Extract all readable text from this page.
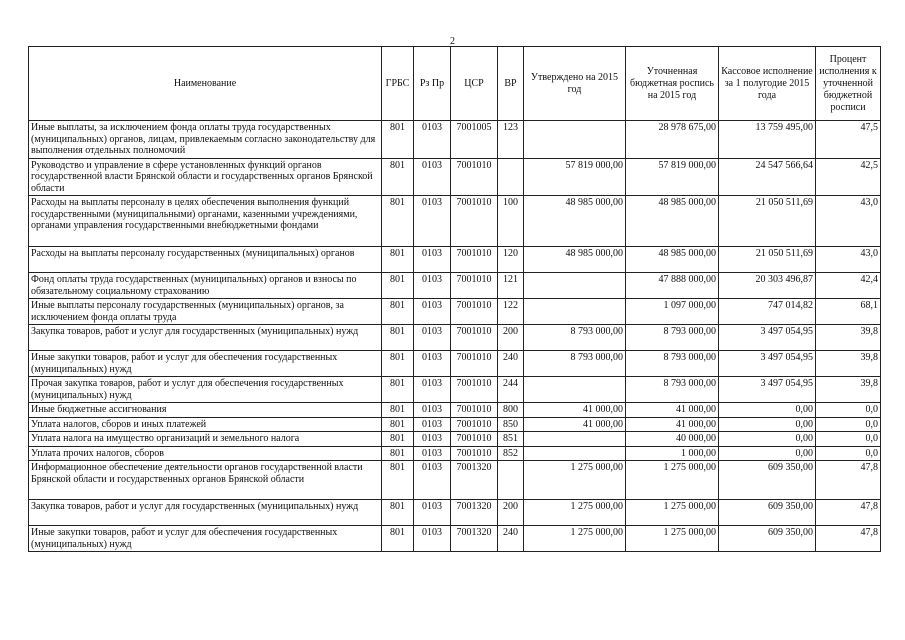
2
Наименование	ГРБС	Рз Пр	ЦСР	ВР	Утверждено на 2015 год	Уточненная бюджетная роспись на 2015 год	Кассовое исполнение за 1 полугодие 2015 года	Процент исполнения к уточненной бюджетной росписи
Иные выплаты, за исключением фонда оплаты труда государственных (муниципальных) органов, лицам, привлекаемым согласно законодательству для выполнения отдельных полномочий	801	0103	7001005	123		28 978 675,00	13 759 495,00	47,5
Руководство и управление в сфере установленных функций органов государственной власти Брянской области и государственных органов Брянской области	801	0103	7001010		57 819 000,00	57 819 000,00	24 547 566,64	42,5
Расходы на выплаты персоналу в целях обеспечения выполнения функций государственными (муниципальными) органами, казенными учреждениями, органами управления государственными внебюджетными фондами	801	0103	7001010	100	48 985 000,00	48 985 000,00	21 050 511,69	43,0
Расходы на выплаты персоналу государственных (муниципальных) органов	801	0103	7001010	120	48 985 000,00	48 985 000,00	21 050 511,69	43,0
Фонд оплаты труда государственных (муниципальных) органов и взносы по обязательному социальному страхованию	801	0103	7001010	121		47 888 000,00	20 303 496,87	42,4
Иные выплаты персоналу государственных (муниципальных) органов, за исключением фонда оплаты труда	801	0103	7001010	122		1 097 000,00	747 014,82	68,1
Закупка товаров, работ и услуг для государственных (муниципальных) нужд	801	0103	7001010	200	8 793 000,00	8 793 000,00	3 497 054,95	39,8
Иные закупки товаров, работ и услуг для обеспечения государственных (муниципальных) нужд	801	0103	7001010	240	8 793 000,00	8 793 000,00	3 497 054,95	39,8
Прочая закупка товаров, работ и услуг для обеспечения государственных (муниципальных) нужд	801	0103	7001010	244		8 793 000,00	3 497 054,95	39,8
Иные бюджетные ассигнования	801	0103	7001010	800	41 000,00	41 000,00	0,00	0,0
Уплата налогов, сборов и иных платежей	801	0103	7001010	850	41 000,00	41 000,00	0,00	0,0
Уплата налога на имущество организаций и земельного налога	801	0103	7001010	851		40 000,00	0,00	0,0
Уплата прочих налогов, сборов	801	0103	7001010	852		1 000,00	0,00	0,0
Информационное обеспечение деятельности органов государственной власти Брянской области и государственных органов Брянской области	801	0103	7001320		1 275 000,00	1 275 000,00	609 350,00	47,8
Закупка товаров, работ и услуг для государственных (муниципальных) нужд	801	0103	7001320	200	1 275 000,00	1 275 000,00	609 350,00	47,8
Иные закупки товаров, работ и услуг для обеспечения государственных (муниципальных) нужд	801	0103	7001320	240	1 275 000,00	1 275 000,00	609 350,00	47,8
